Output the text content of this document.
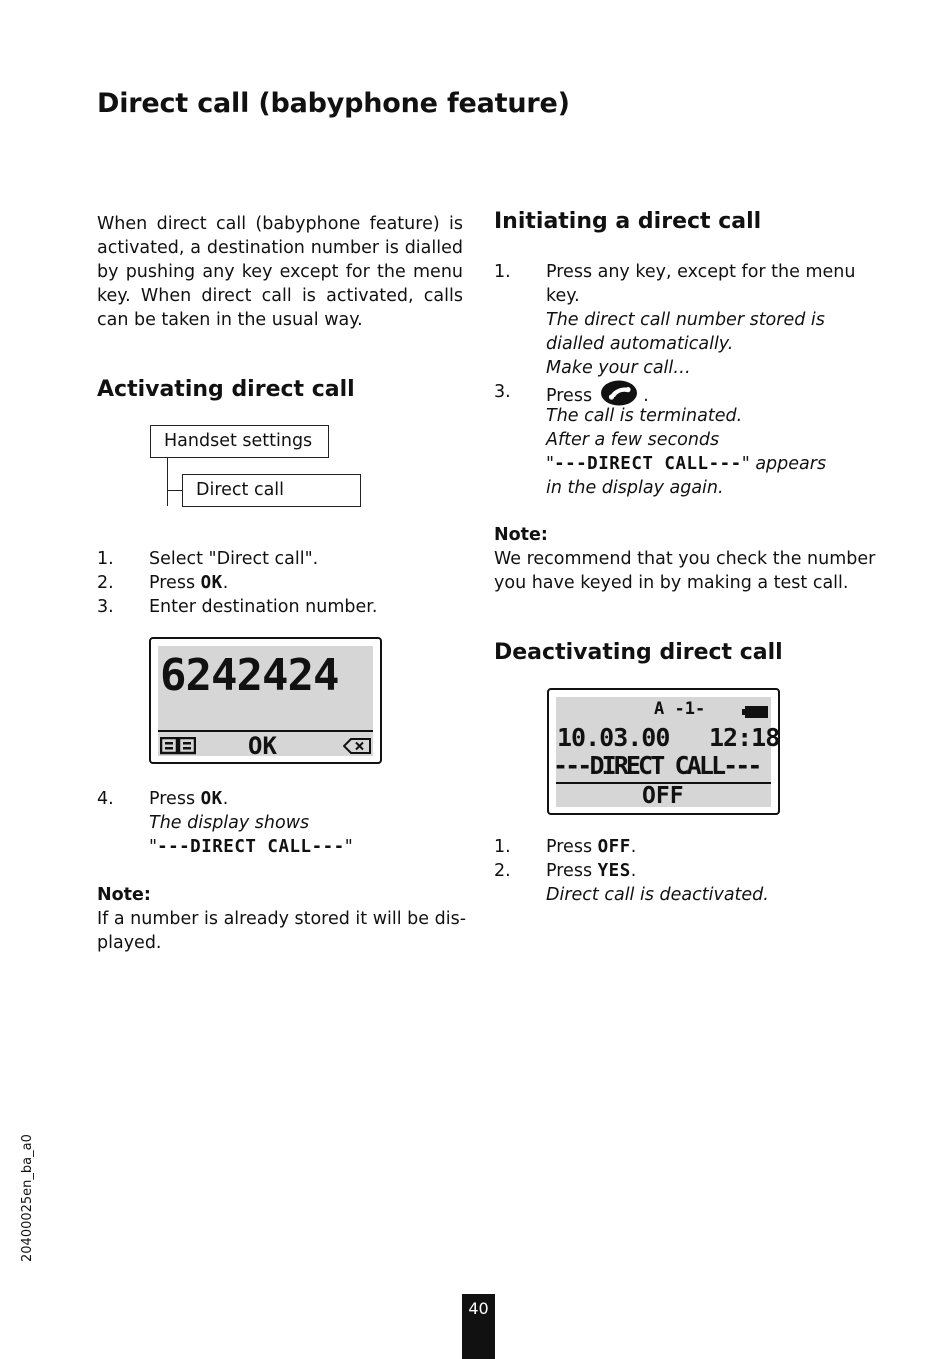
Direct call (babyphone feature)
When direct call (babyphone feature) is activated, a destination number is dialled by pushing any key except for the menu key. When direct call is activated, calls can be taken in the usual way.
Activating direct call
Handset settings
Direct call
1. Select "Direct call".
2. Press OK.
3. Enter destination number.
6242424
OK
4. Press OK.
The display shows
"---DIRECT CALL---"
Note:
If a number is already stored it will be dis-
played.
Initiating a direct call
1. Press any key, except for the menu
key.
The direct call number stored is
dialled automatically.
Make your call…
3. Press	.
The call is terminated.
After a few seconds
"---DIRECT CALL---" appears
in the display again.
Note:
We recommend that you check the number
you have keyed in by making a test call.
Deactivating direct call
A -1-
10.03.00 12:18
---DIRECT CALL---
OFF
1. Press OFF.
2. Press YES.
Direct call is deactivated.
20400025en_ba_a0
40
